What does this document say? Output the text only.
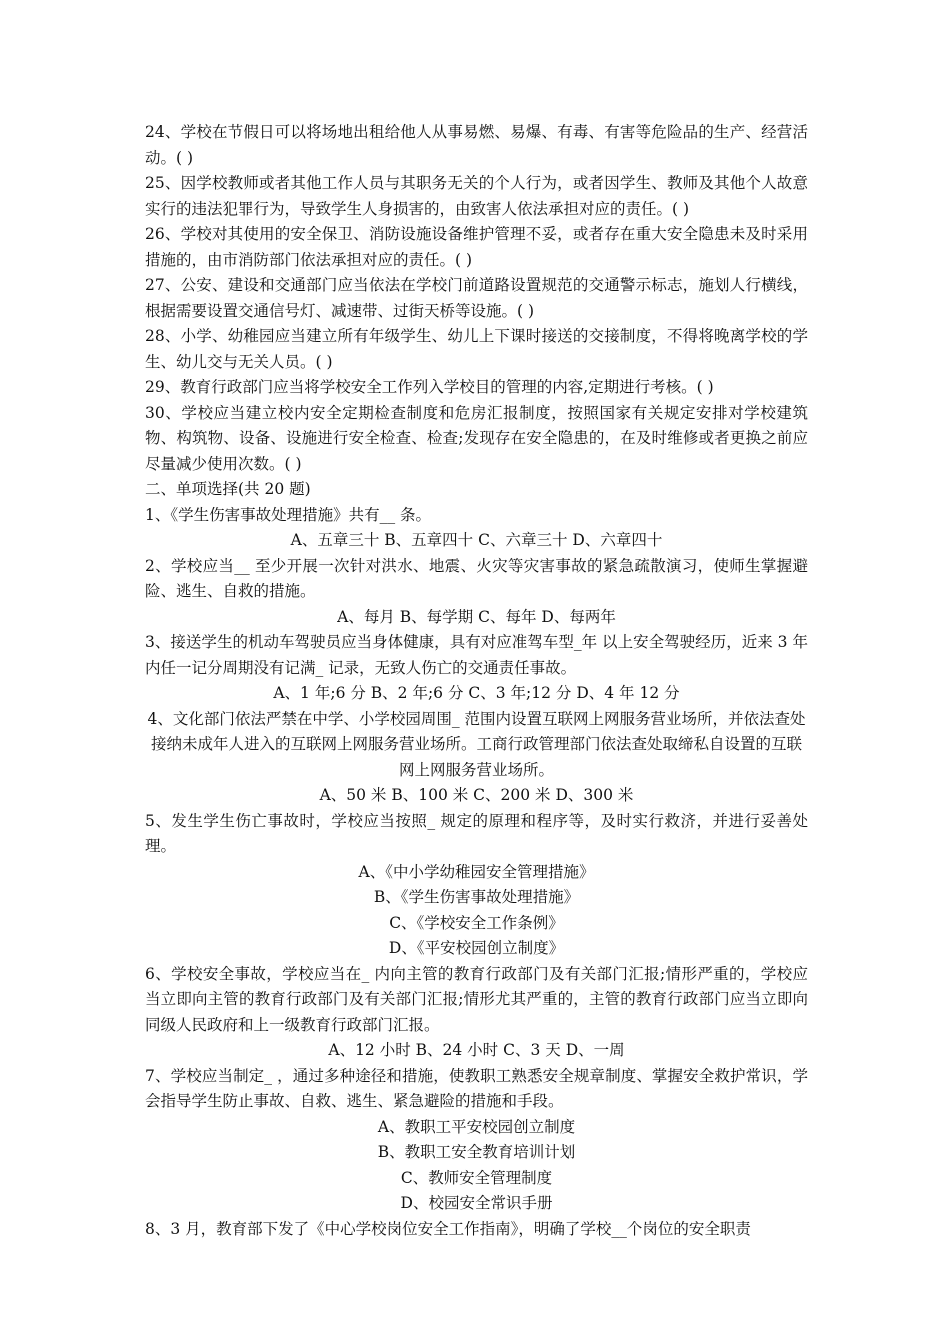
24、学校在节假日可以将场地出租给他人从事易燃、易爆、有毒、有害等危险品的生产、经营活动。( )

25、因学校教师或者其他工作人员与其职务无关的个人行为，或者因学生、教师及其他个人故意实行的违法犯罪行为，导致学生人身损害的，由致害人依法承担对应的责任。( )

26、学校对其使用的安全保卫、消防设施设备维护管理不妥，或者存在重大安全隐患未及时采用措施的，由市消防部门依法承担对应的责任。( )

27、公安、建设和交通部门应当依法在学校门前道路设置规范的交通警示标志，施划人行横线，根据需要设置交通信号灯、减速带、过街天桥等设施。( )

28、小学、幼稚园应当建立所有年级学生、幼儿上下课时接送的交接制度，不得将晚离学校的学生、幼儿交与无关人员。( )

29、教育行政部门应当将学校安全工作列入学校目的管理的内容,定期进行考核。( )

30、学校应当建立校内安全定期检查制度和危房汇报制度，按照国家有关规定安排对学校建筑物、构筑物、设备、设施进行安全检查、检查;发现存在安全隐患的，在及时维修或者更换之前应尽量减少使用次数。( )

二、单项选择(共 20 题)

1、《学生伤害事故处理措施》共有__ 条。

A、五章三十 B、五章四十 C、六章三十 D、六章四十

2、学校应当__ 至少开展一次针对洪水、地震、火灾等灾害事故的紧急疏散演习，使师生掌握避险、逃生、自救的措施。

A、每月 B、每学期 C、每年 D、每两年

3、接送学生的机动车驾驶员应当身体健康，具有对应准驾车型_年 以上安全驾驶经历，近来 3 年内任一记分周期没有记满_ 记录，无致人伤亡的交通责任事故。

A、1 年;6 分 B、2 年;6 分 C、3 年;12 分 D、4 年 12 分

4、文化部门依法严禁在中学、小学校园周围_ 范围内设置互联网上网服务营业场所，并依法查处接纳未成年人进入的互联网上网服务营业场所。工商行政管理部门依法查处取缔私自设置的互联网上网服务营业场所。

A、50 米 B、100 米 C、200 米 D、300 米

5、发生学生伤亡事故时，学校应当按照_ 规定的原理和程序等，及时实行救济，并进行妥善处理。

A、《中小学幼稚园安全管理措施》

B、《学生伤害事故处理措施》

C、《学校安全工作条例》

D、《平安校园创立制度》

6、学校安全事故，学校应当在_ 内向主管的教育行政部门及有关部门汇报;情形严重的，学校应当立即向主管的教育行政部门及有关部门汇报;情形尤其严重的，主管的教育行政部门应当立即向同级人民政府和上一级教育行政部门汇报。

A、12 小时 B、24 小时 C、3 天 D、一周

7、学校应当制定_ ，通过多种途径和措施，使教职工熟悉安全规章制度、掌握安全救护常识，学会指导学生防止事故、自救、逃生、紧急避险的措施和手段。

A、教职工平安校园创立制度

B、教职工安全教育培训计划

C、教师安全管理制度

D、校园安全常识手册

8、3 月，教育部下发了《中心学校岗位安全工作指南》，明确了学校__个岗位的安全职责
